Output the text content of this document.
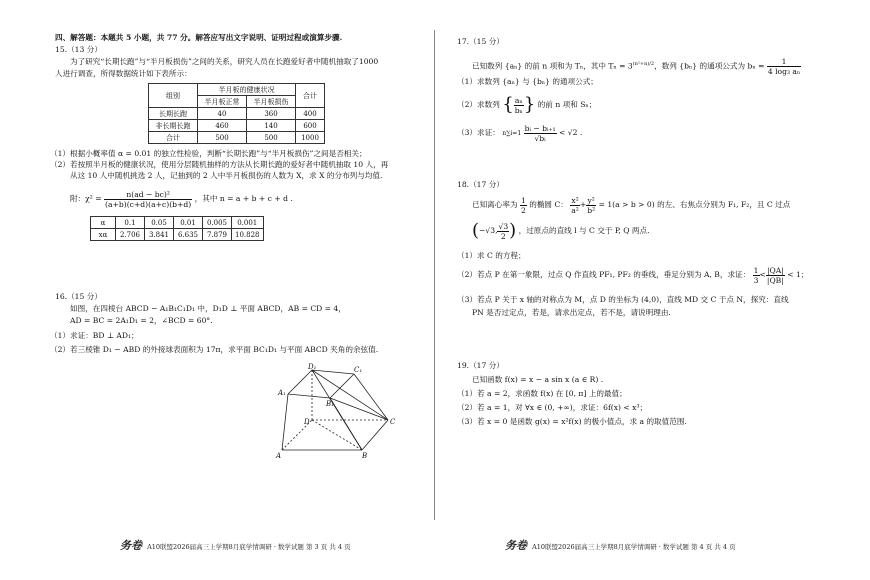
四、解答题：本题共 5 小题，共 77 分。解答应写出文字说明、证明过程或演算步骤.
15.（13 分）
为了研究“长期长跑”与“半月板损伤”之间的关系，研究人员在长跑爱好者中随机抽取了1000
人进行调查，所得数据统计如下表所示：
组别	半月板的健康状况		合计
	半月板正常	半月板损伤	
长期长跑	40	360	400
非长期长跑	460	140	600
合计	500	500	1000
（1）根据小概率值 α = 0.01 的独立性检验，判断“长期长跑”与“半月板损伤”之间是否相关；
（2）若按照半月板的健康状况，使用分层随机抽样的方法从长期长跑的爱好者中随机抽取 10 人，再
从这 10 人中随机挑选 2 人，记抽到的 2 人中半月板损伤的人数为 X，求 X 的分布列与均值.
附：$\chi^2 = \frac{\text{n(ad − bc)²}}{(a+b)(c+d)(a+c)(b+d)}$ ，其中 n = a + b + c + d .
α	0.1	0.05	0.01	0.005	0.001
xα	2.706	3.841	6.635	7.879	10.828
16.（15 分）
如图，在四棱台 ABCD − A₁B₁C₁D₁ 中，D₁D ⊥ 平面 ABCD，AB = CD = 4，
AD = BC = 2A₁D₁ = 2，∠BCD = 60°.
（1）求证：BD ⊥ AD₁；
（2）若三棱锥 D₁ − ABD 的外接球表面积为 17π，求平面 BC₁D₁ 与平面 ABCD 夹角的余弦值.
D₁	C₁
A₁
B₁
D	C
A	B
务卷 A10联盟2026届高三上学期8月底学情调研 · 数学试题 第 3 页 共 4 页
17.（15 分）
已知数列 {aₙ} 的前 n 项和为 Tₙ，其中 $T_n = 3^{(n^2+n)/2}$，数列 {bₙ} 的通项公式为 $b_n = \frac{1}{\text{4 log₃ aₙ}}$
（1）求数列 {aₙ} 与 {bₙ} 的通项公式；
（2）求数列 { $\frac{\text{aₙ}}{\text{bₙ}}$ } 的前 n 项和 Sₙ；
（3）求证： $n\sum i=1 \frac{\text{bᵢ − bᵢ₊₁}}{\text{√bᵢ}} < √2$ .
18.（17 分）
已知离心率为 $\frac{1}{2}$ 的椭圆 C： $\frac{\text{x²}}{\text{a²}} + \frac{\text{y²}}{\text{b²}} = 1(a > b > 0)$ 的左、右焦点分别为 F₁, F₂，且 C 过点
(−√3, $\frac{√3}{2}$ ) ，过原点的直线 l 与 C 交于 P, Q 两点.
（1）求 C 的方程；
（2）若点 P 在第一象限，过点 Q 作直线 PF₁, PF₂ 的垂线，垂足分别为 A, B，求证： $\frac{1}{3} < \frac{|QA|}{|QB|} < 1$；
（3）若点 P 关于 x 轴的对称点为 M，点 D 的坐标为 (4,0)，直线 MD 交 C 于点 N，探究：直线
PN 是否过定点，若是，请求出定点，若不是，请说明理由.
19.（17 分）
已知函数 f(x) = x − a sin x (a ∈ R) .
（1）若 a = 2，求函数 f(x) 在 [0, π] 上的最值；
（2）若 a = 1，对 ∀x ∈ (0, +∞)，求证：6f(x) < x³；
（3）若 x = 0 是函数 g(x) = x²f(x) 的极小值点，求 a 的取值范围.
务卷 A10联盟2026届高三上学期8月底学情调研 · 数学试题 第 4 页 共 4 页
